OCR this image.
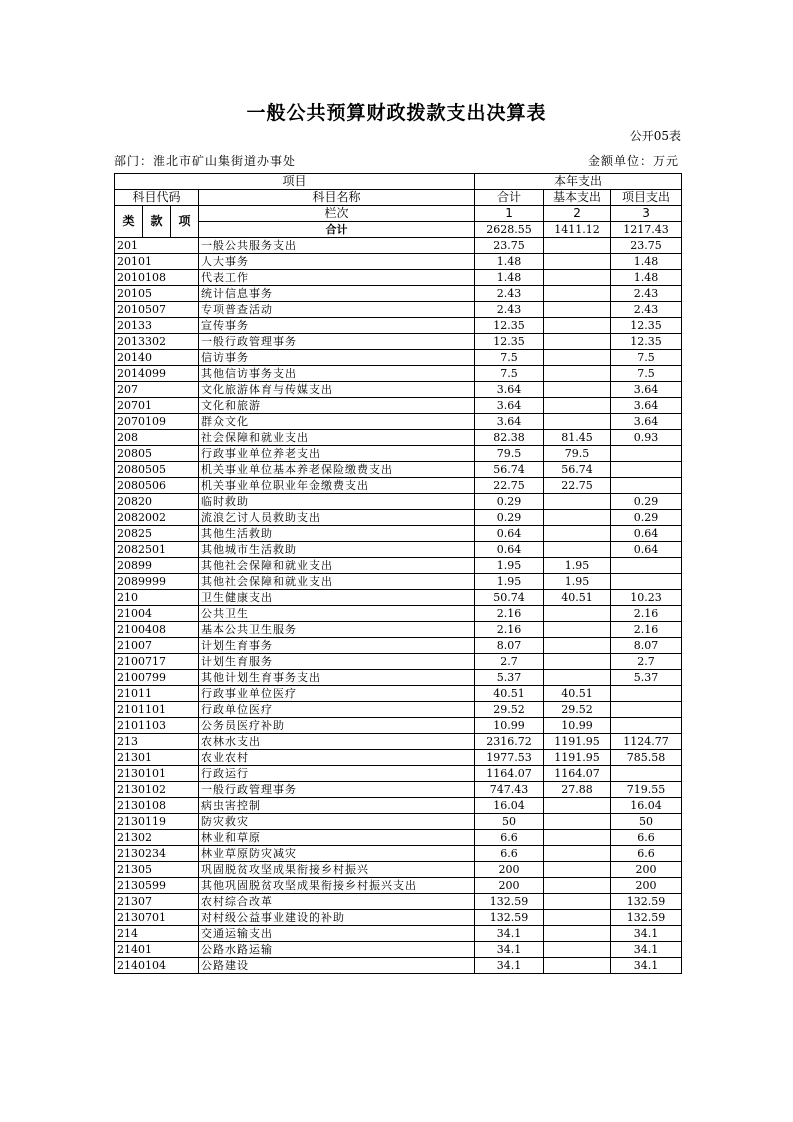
一般公共预算财政拨款支出决算表
公开05表
部门：淮北市矿山集街道办事处	金额单位：万元
项目				本年支出		
科目代码			科目名称	合计	基本支出	项目支出
类	款	项	栏次	1	2	3
			合计	2628.55	1411.12	1217.43
201			一般公共服务支出	23.75		23.75
20101			人大事务	1.48		1.48
2010108			代表工作	1.48		1.48
20105			统计信息事务	2.43		2.43
2010507			专项普查活动	2.43		2.43
20133			宣传事务	12.35		12.35
2013302			一般行政管理事务	12.35		12.35
20140			信访事务	7.5		7.5
2014099			其他信访事务支出	7.5		7.5
207			文化旅游体育与传媒支出	3.64		3.64
20701			文化和旅游	3.64		3.64
2070109			群众文化	3.64		3.64
208			社会保障和就业支出	82.38	81.45	0.93
20805			行政事业单位养老支出	79.5	79.5	
2080505			机关事业单位基本养老保险缴费支出	56.74	56.74	
2080506			机关事业单位职业年金缴费支出	22.75	22.75	
20820			临时救助	0.29		0.29
2082002			流浪乞讨人员救助支出	0.29		0.29
20825			其他生活救助	0.64		0.64
2082501			其他城市生活救助	0.64		0.64
20899			其他社会保障和就业支出	1.95	1.95	
2089999			其他社会保障和就业支出	1.95	1.95	
210			卫生健康支出	50.74	40.51	10.23
21004			公共卫生	2.16		2.16
2100408			基本公共卫生服务	2.16		2.16
21007			计划生育事务	8.07		8.07
2100717			计划生育服务	2.7		2.7
2100799			其他计划生育事务支出	5.37		5.37
21011			行政事业单位医疗	40.51	40.51	
2101101			行政单位医疗	29.52	29.52	
2101103			公务员医疗补助	10.99	10.99	
213			农林水支出	2316.72	1191.95	1124.77
21301			农业农村	1977.53	1191.95	785.58
2130101			行政运行	1164.07	1164.07	
2130102			一般行政管理事务	747.43	27.88	719.55
2130108			病虫害控制	16.04		16.04
2130119			防灾救灾	50		50
21302			林业和草原	6.6		6.6
2130234			林业草原防灾减灾	6.6		6.6
21305			巩固脱贫攻坚成果衔接乡村振兴	200		200
2130599			其他巩固脱贫攻坚成果衔接乡村振兴支出	200		200
21307			农村综合改革	132.59		132.59
2130701			对村级公益事业建设的补助	132.59		132.59
214			交通运输支出	34.1		34.1
21401			公路水路运输	34.1		34.1
2140104			公路建设	34.1		34.1
